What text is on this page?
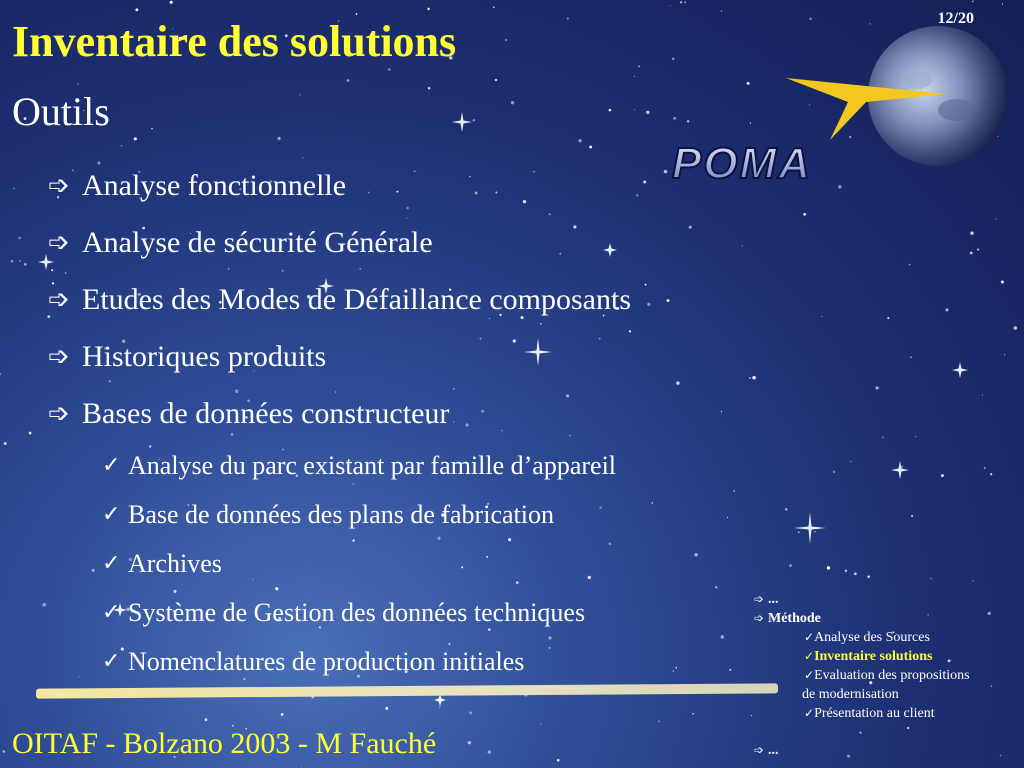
12/20
Inventaire des solutions
Outils
POMA
➩ Analyse fonctionnelle
➩ Analyse de sécurité Générale
➩ Etudes des Modes de Défaillance composants
➩ Historiques produits
➩ Bases de données constructeur
✓ Analyse du parc existant par famille d’appareil
✓ Base de données des plans de fabrication
✓ Archives
✓ Système de Gestion des données techniques
✓ Nomenclatures de production initiales
OITAF - Bolzano 2003 - M Fauché
➩ ...
➩ Méthode
✓Analyse des Sources
✓Inventaire solutions
✓Evaluation des propositions
de modernisation
✓Présentation au client
➩ ...
